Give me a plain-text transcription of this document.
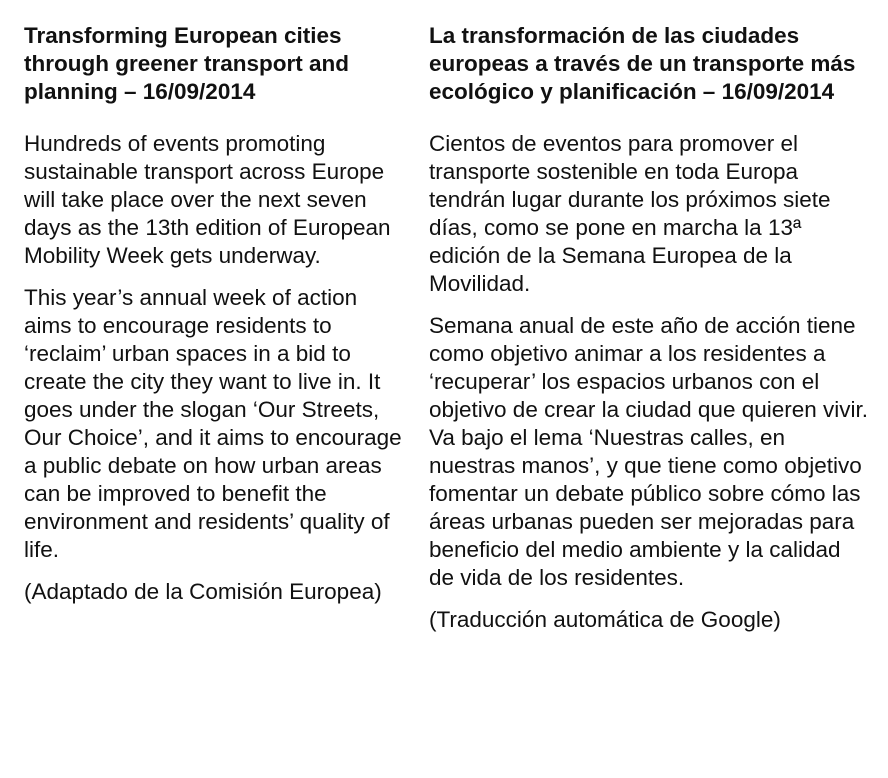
Transforming European cities through greener transport and planning – 16/09/2014

Hundreds of events promoting sustainable transport across Europe will take place over the next seven days as the 13th edition of European Mobility Week gets underway.

This year’s annual week of action aims to encourage residents to ‘reclaim’ urban spaces in a bid to create the city they want to live in. It goes under the slogan ‘Our Streets, Our Choice’, and it aims to encourage a public debate on how urban areas can be improved to benefit the environment and residents’ quality of life.

(Adaptado de la Comisión Europea)

La transformación de las ciudades europeas a través de un transporte más ecológico y planificación – 16/09/2014

Cientos de eventos para promover el transporte sostenible en toda Europa tendrán lugar durante los próximos siete días, como se pone en marcha la 13ª edición de la Semana Europea de la Movilidad.

Semana anual de este año de acción tiene como objetivo animar a los residentes a ‘recuperar’ los espacios urbanos con el objetivo de crear la ciudad que quieren vivir. Va bajo el lema ‘Nuestras calles, en nuestras manos’, y que tiene como objetivo fomentar un debate público sobre cómo las áreas urbanas pueden ser mejoradas para beneficio del medio ambiente y la calidad de vida de los residentes.

(Traducción automática de Google)
